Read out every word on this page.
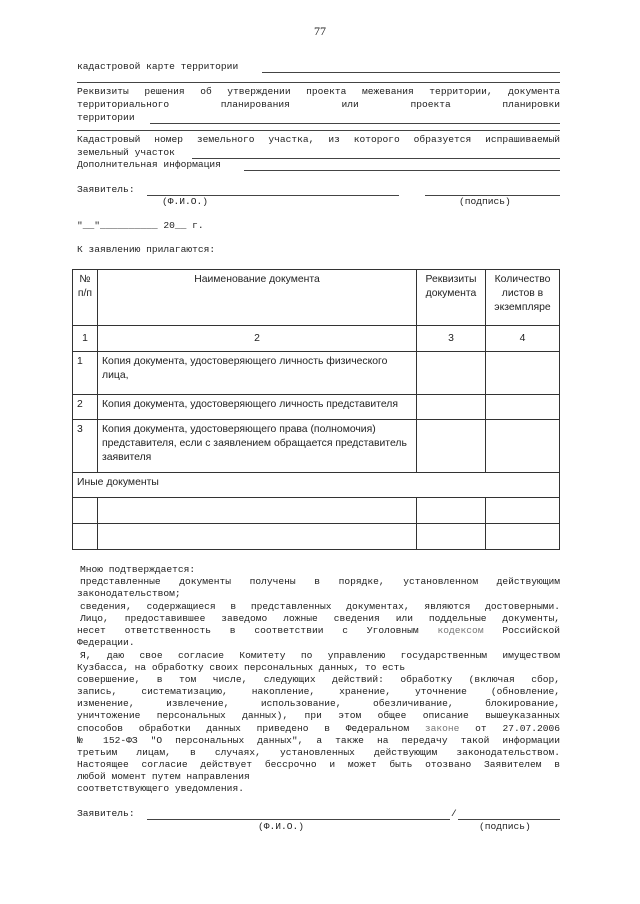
77
кадастровой карте территории
Реквизиты решения об утверждении проекта межевания территории, документа
территориального планирования или проекта планировки
территории
Кадастровый номер земельного участка, из которого образуется испрашиваемый
земельный участок
Дополнительная информация
Заявитель:
(Ф.И.О.)	(подпись)
"__"__________ 20__ г.
К заявлению прилагаются:
№ п/п	Наименование документа	Реквизиты документа	Количество листов в экземпляре
1	2	3	4
1	Копия документа, удостоверяющего личность физического лица,		
2	Копия документа, удостоверяющего личность представителя		
3	Копия документа, удостоверяющего права (полномочия) представителя, если с заявлением обращается представитель заявителя		
Иные документы			

Мною подтверждается:
представленные документы получены в порядке, установленном действующим
законодательством;
сведения, содержащиеся в представленных документах, являются достоверными.
Лицо, предоставившее заведомо ложные сведения или поддельные документы,
несет ответственность в соответствии с Уголовным кодексом Российской
Федерации.
Я, даю свое согласие Комитету по управлению государственным имуществом
Кузбасса, на обработку своих персональных данных, то есть
совершение, в том числе, следующих действий: обработку (включая сбор,
запись, систематизацию, накопление, хранение, уточнение (обновление,
изменение, извлечение, использование, обезличивание, блокирование,
уничтожение персональных данных), при этом общее описание вышеуказанных
способов обработки данных приведено в Федеральном законе от 27.07.2006
№ 152-ФЗ "О персональных данных", а также на передачу такой информации
третьим лицам, в случаях, установленных действующим законодательством.
Настоящее согласие действует бессрочно и может быть отозвано Заявителем в
любой момент путем направления
соответствующего уведомления.
Заявитель:	/
(Ф.И.О.)	(подпись)
